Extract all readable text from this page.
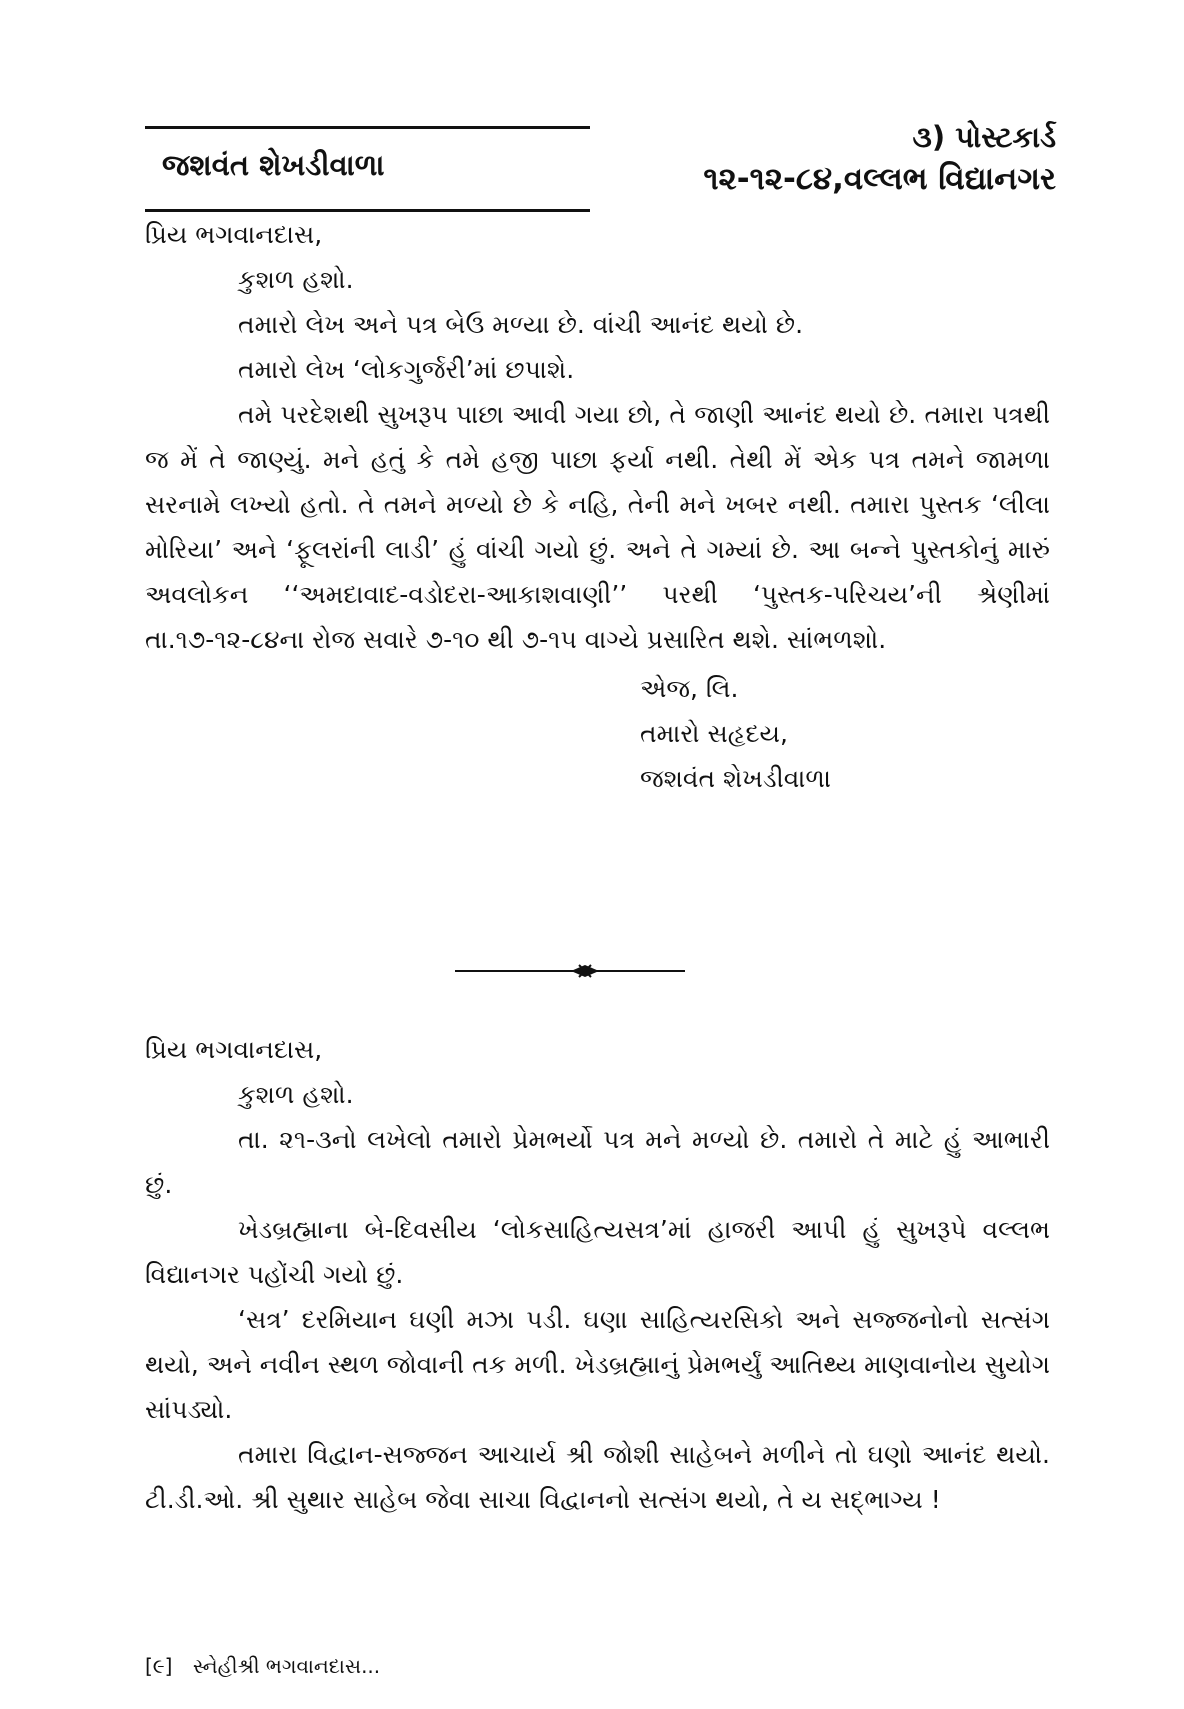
જશવંત શેખડીવાળા
૩) પોસ્ટકાર્ડ
૧૨-૧૨-૮૪,વલ્લભ વિદ્યાનગર
પ્રિય ભગવાનદાસ,
કુશળ હશો.
તમારો લેખ અને પત્ર બેઉ મળ્યા છે. વાંચી આનંદ થયો છે.
તમારો લેખ ‘લોકગુર્જરી’માં છપાશે.
તમે પરદેશથી સુખરૂપ પાછા આવી ગયા છો, તે જાણી આનંદ થયો છે. તમારા પત્રથી જ મેં તે જાણ્યું. મને હતું કે તમે હજી પાછા ફર્યા નથી. તેથી મેં એક પત્ર તમને જામળા સરનામે લખ્યો હતો. તે તમને મળ્યો છે કે નહિ, તેની મને ખબર નથી. તમારા પુસ્તક ‘લીલા મોરિયા’ અને ‘ફૂલરાંની લાડી’ હું વાંચી ગયો છું. અને તે ગમ્યાં છે. આ બન્ને પુસ્તકોનું મારું અવલોકન ‘‘અમદાવાદ-વડોદરા-આકાશવાણી’’ પરથી ‘પુસ્તક-પરિચય’ની શ્રેણીમાં તા.૧૭-૧૨-૮૪ના રોજ સવારે ૭-૧૦ થી ૭-૧૫ વાગ્યે પ્રસારિત થશે. સાંભળશો.
એજ, લિ.
તમારો સહૃદય,
જશવંત શેખડીવાળા
પ્રિય ભગવાનદાસ,
કુશળ હશો.
તા. ૨૧-૩નો લખેલો તમારો પ્રેમભર્યો પત્ર મને મળ્યો છે. તમારો તે માટે હું આભારી છું.
ખેડબ્રહ્માના બે-દિવસીય ‘લોકસાહિત્યસત્ર’માં હાજરી આપી હું સુખરૂપે વલ્લભ વિદ્યાનગર પહોંચી ગયો છું.
‘સત્ર’ દરમિયાન ઘણી મઝા પડી. ઘણા સાહિત્યરસિકો અને સજ્જનોનો સત્સંગ થયો, અને નવીન સ્થળ જોવાની તક મળી. ખેડબ્રહ્માનું પ્રેમભર્યું આતિથ્ય માણવાનોય સુયોગ સાંપડ્યો.
તમારા વિદ્વાન-સજ્જન આચાર્ય શ્રી જોશી સાહેબને મળીને તો ઘણો આનંદ થયો. ટી.ડી.ઓ. શ્રી સુથાર સાહેબ જેવા સાચા વિદ્વાનનો સત્સંગ થયો, તે ય સદ્ભાગ્ય !
[૯] સ્નેહીશ્રી ભગવાનદાસ...
